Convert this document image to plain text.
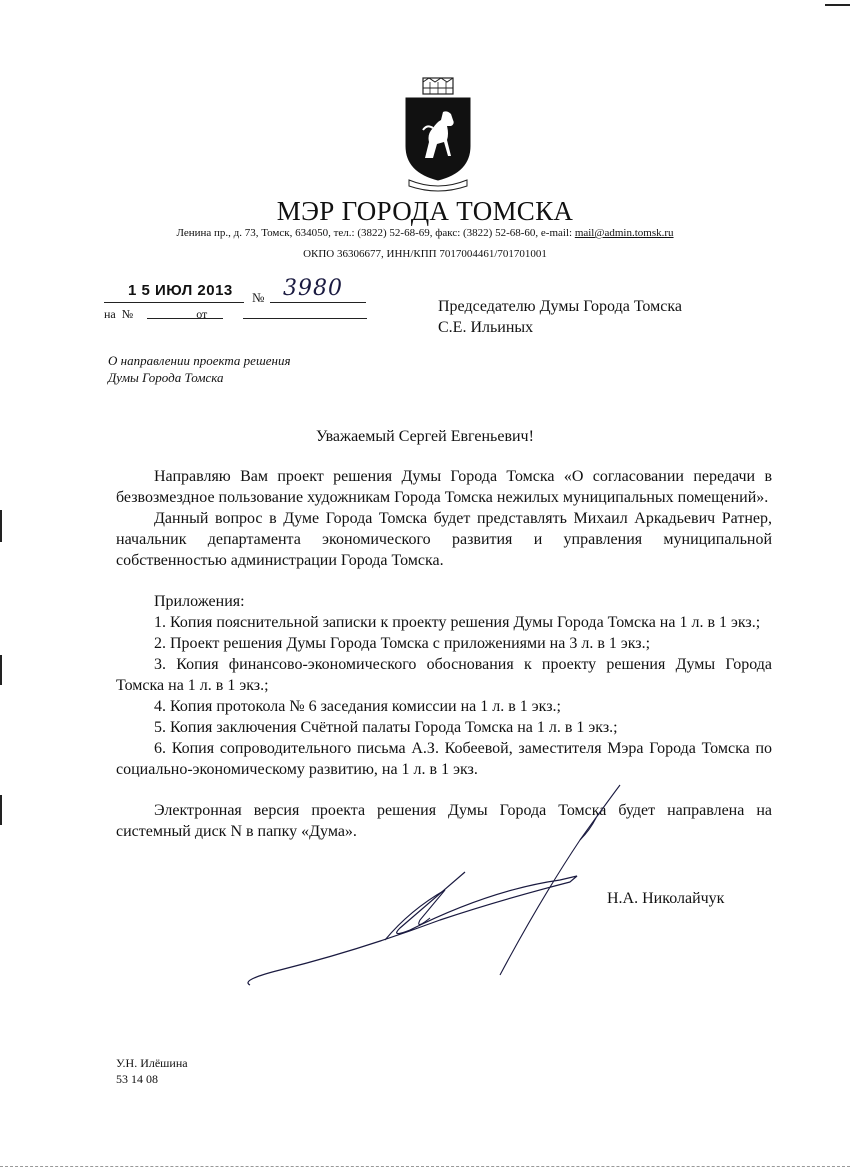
МЭР ГОРОДА ТОМСКА
Ленина пр., д. 73, Томск, 634050, тел.: (3822) 52-68-69, факс: (3822) 52-68-60, e-mail: mail@admin.tomsk.ru
ОКПО 36306677, ИНН/КПП 7017004461/701701001
1 5 ИЮЛ 2013 № 3980
на  №                     от	Председателю Думы Города Томска
С.Е. Ильиных
О направлении проекта решения
Думы Города Томска
Уважаемый Сергей Евгеньевич!

Направляю Вам проект решения Думы Города Томска «О согласовании передачи в безвозмездное пользование художникам Города Томска нежилых муниципальных помещений».

Данный вопрос в Думе Города Томска будет представлять Михаил Аркадьевич Ратнер, начальник департамента экономического развития и управления муниципальной собственностью администрации Города Томска.

Приложения:

1. Копия пояснительной записки к проекту решения Думы Города Томска на 1 л. в 1 экз.;

2. Проект решения Думы Города Томска с приложениями на 3 л. в 1 экз.;

3. Копия финансово-экономического обоснования к проекту решения Думы Города Томска на 1 л. в 1 экз.;

4. Копия протокола № 6 заседания комиссии на 1 л. в 1 экз.;

5. Копия заключения Счётной палаты Города Томска на 1 л. в 1 экз.;

6. Копия сопроводительного письма А.З. Кобеевой, заместителя Мэра Города Томска по социально-экономическому развитию, на 1 л. в 1 экз.

Электронная версия проекта решения Думы Города Томска будет направлена на системный диск N в папку «Дума».

Н.А. Николайчук
У.Н. Илёшина
53 14 08
